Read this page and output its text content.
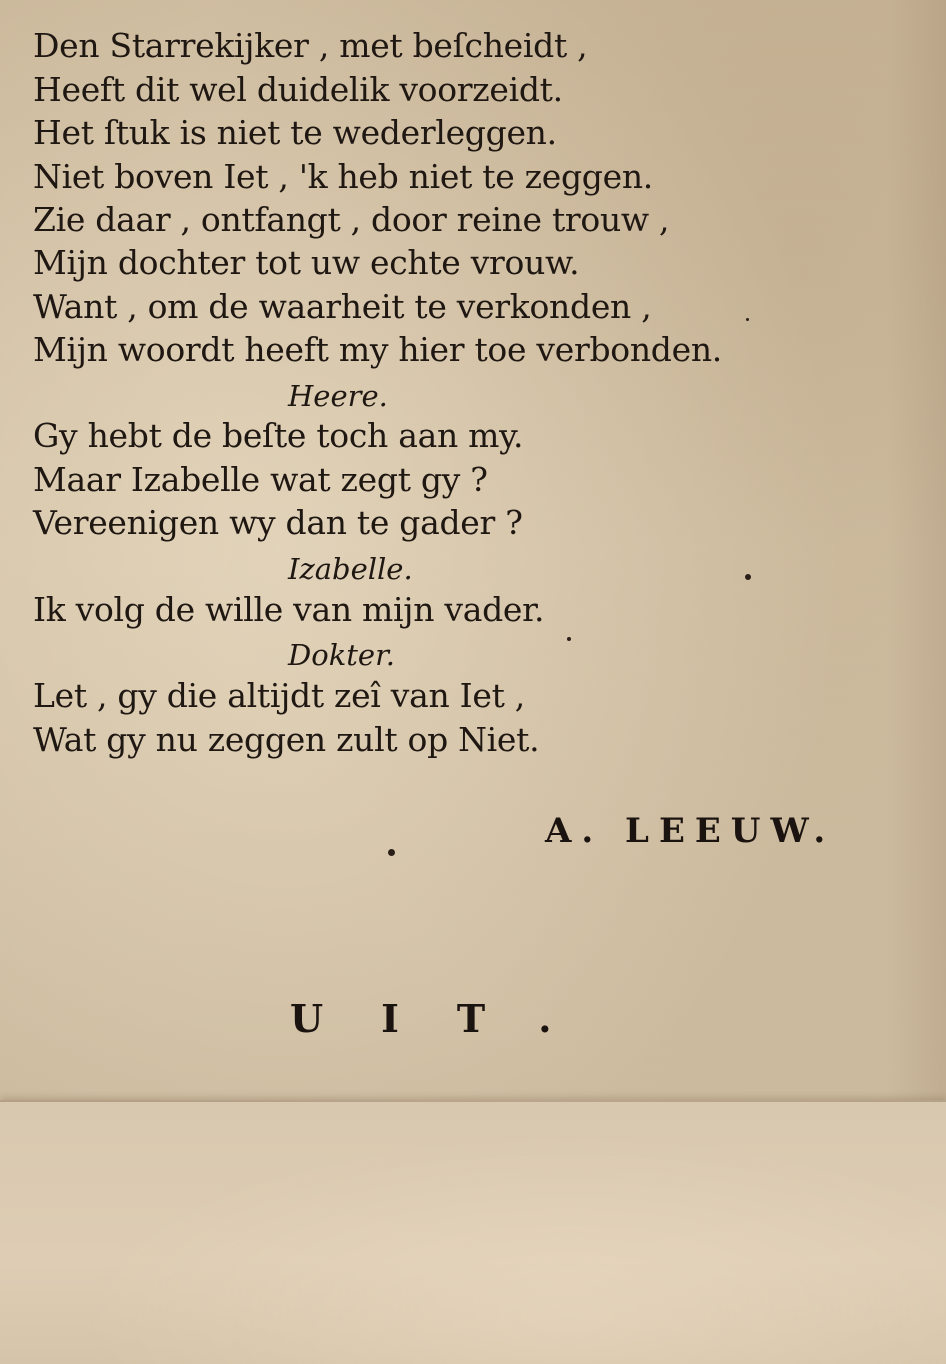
Den Starrekijker , met beſcheidt ,
Heeft dit wel duidelik voorzeidt.
Het ſtuk is niet te wederleggen.
Niet boven Iet , 'k heb niet te zeggen.
Zie daar , ontfangt , door reine trouw ,
Mijn dochter tot uw echte vrouw.
Want , om de waarheit te verkonden ,
Mijn woordt heeft my hier toe verbonden.
Heere.
Gy hebt de beſte toch aan my.
Maar Izabelle wat zegt gy ?
Vereenigen wy dan te gader ?
Izabelle.
Ik volg de wille van mijn vader.
Dokter.
Let , gy die altijdt zeî van Iet ,
Wat gy nu zeggen zult op Niet.
A. LEEUW.
UIT.
